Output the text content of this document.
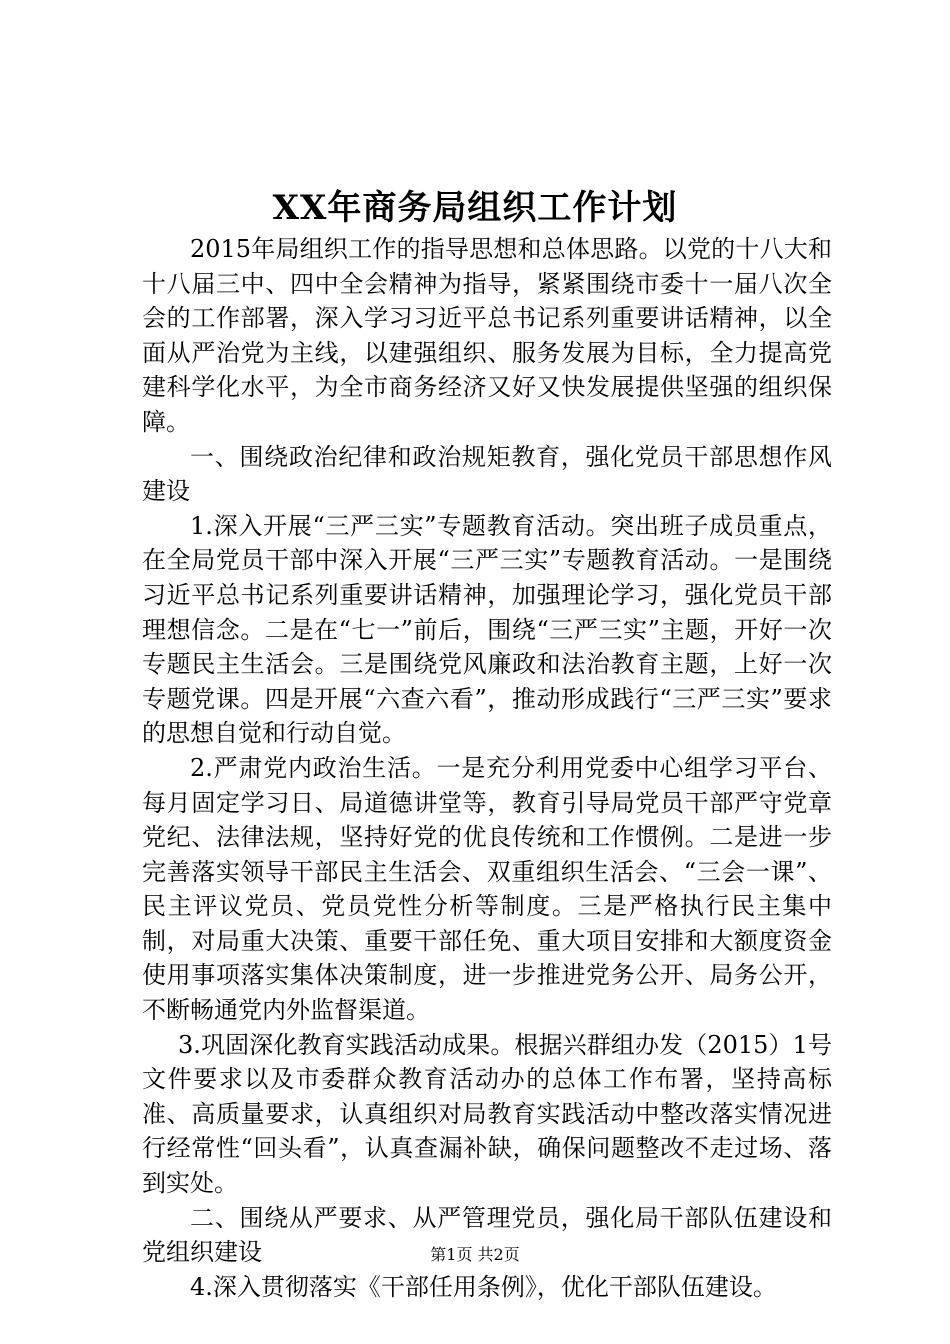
XX年商务局组织工作计划

2015年局组织工作的指导思想和总体思路。以党的十八大和十八届三中、四中全会精神为指导，紧紧围绕市委十一届八次全会的工作部署，深入学习习近平总书记系列重要讲话精神，以全面从严治党为主线，以建强组织、服务发展为目标，全力提高党建科学化水平，为全市商务经济又好又快发展提供坚强的组织保障。

一、围绕政治纪律和政治规矩教育，强化党员干部思想作风建设

1.深入开展“三严三实”专题教育活动。突出班子成员重点，在全局党员干部中深入开展“三严三实”专题教育活动。一是围绕习近平总书记系列重要讲话精神，加强理论学习，强化党员干部理想信念。二是在“七一”前后，围绕“三严三实”主题，开好一次专题民主生活会。三是围绕党风廉政和法治教育主题，上好一次专题党课。四是开展“六查六看”，推动形成践行“三严三实”要求的思想自觉和行动自觉。

2.严肃党内政治生活。一是充分利用党委中心组学习平台、每月固定学习日、局道德讲堂等，教育引导局党员干部严守党章党纪、法律法规，坚持好党的优良传统和工作惯例。二是进一步完善落实领导干部民主生活会、双重组织生活会、“三会一课”、民主评议党员、党员党性分析等制度。三是严格执行民主集中制，对局重大决策、重要干部任免、重大项目安排和大额度资金使用事项落实集体决策制度，进一步推进党务公开、局务公开，不断畅通党内外监督渠道。

3.巩固深化教育实践活动成果。根据兴群组办发（2015）1号文件要求以及市委群众教育活动办的总体工作布署，坚持高标准、高质量要求，认真组织对局教育实践活动中整改落实情况进行经常性“回头看”，认真查漏补缺，确保问题整改不走过场、落到实处。

二、围绕从严要求、从严管理党员，强化局干部队伍建设和党组织建设

4.深入贯彻落实《干部任用条例》，优化干部队伍建设。

第1页 共2页
